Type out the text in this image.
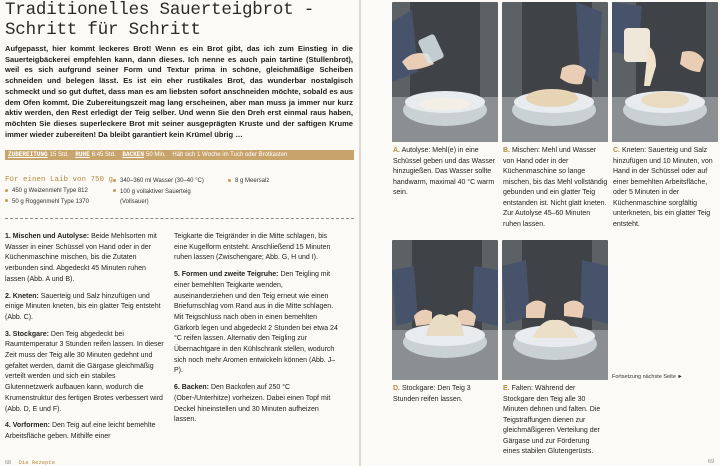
Traditionelles Sauerteigbrot -
Schritt für Schritt
Aufgepasst, hier kommt leckeres Brot! Wenn es ein Brot gibt, das ich zum Einstieg in die Sauerteigbäckerei empfehlen kann, dann dieses. Ich nenne es auch pain tartine (Stullenbrot), weil es sich aufgrund seiner Form und Textur prima in schöne, gleichmäßige Scheiben schneiden und belegen lässt. Es ist ein eher rustikales Brot, das wunderbar nostalgisch schmeckt und so gut duftet, dass man es am liebsten sofort anschneiden möchte, sobald es aus dem Ofen kommt. Die Zubereitungszeit mag lang erscheinen, aber man muss ja immer nur kurz aktiv werden, den Rest erledigt der Teig selber. Und wenn Sie den Dreh erst einmal raus haben, möchten Sie dieses superleckere Brot mit seiner ausgeprägten Kruste und der saftigen Krume immer wieder zubereiten! Da bleibt garantiert kein Krümel übrig …
ZUBEREITUNG 15 Std. RUHE 6:45 Std. BACKEN 50 Min. Hält sich 1 Woche im Tuch oder Brotkasten
Für einen Laib von 750 g
450 g Weizenmehl Type 812
50 g Roggenmehl Type 1370
340–360 ml Wasser (30–40 °C)
100 g vollaktiver Sauerteig
(Vollsauer)
8 g Meersalz

1. Mischen und Autolyse: Beide Mehlsorten mit Wasser in einer Schüssel von Hand oder in der Küchenmaschine mischen, bis die Zutaten verbunden sind. Abgedeckt 45 Minuten ruhen lassen (Abb. A und B).

2. Kneten: Sauerteig und Salz hinzufügen und einige Minuten kneten, bis ein glatter Teig entsteht (Abb. C).

3. Stockgare: Den Teig abgedeckt bei Raumtemperatur 3 Stunden reifen lassen. In dieser Zeit muss der Teig alle 30 Minuten gedehnt und gefaltet werden, damit die Gärgase gleichmäßig verteilt werden und sich ein stabiles Glutennetzwerk aufbauen kann, wodurch die Krumenstruktur des fertigen Brotes verbessert wird (Abb. D, E und F).

4. Vorformen: Den Teig auf eine leicht bemehlte Arbeitsfläche geben. Mithilfe einer

Teigkarte die Teigränder in die Mitte schlagen, bis eine Kugelform entsteht. Anschließend 15 Minuten ruhen lassen (Zwischengare; Abb. G, H und I).

5. Formen und zweite Teigruhe: Den Teigling mit einer bemehlten Teigkarte wenden, auseinanderziehen und den Teig erneut wie einen Briefumschlag vom Rand aus in die Mitte schlagen. Mit Teigschluss nach oben in einen bemehlten Gärkorb legen und abgedeckt 2 Stunden bei etwa 24 °C reifen lassen. Alternativ den Teigling zur Übernachtgare in den Kühlschrank stellen, wodurch sich noch mehr Aromen entwickeln können (Abb. J–P).

6. Backen: Den Backofen auf 250 °C (Ober-/Unterhitze) vorheizen. Dabei einen Topf mit Deckel hineinstellen und 30 Minuten aufheizen lassen.

68 Die Rezepte
A. Autolyse: Mehl(e) in eine Schüssel geben und das Wasser hinzugießen. Das Wasser sollte handwarm, maximal 40 °C warm sein.
B. Mischen: Mehl und Wasser von Hand oder in der Küchenmaschine so lange mischen, bis das Mehl vollständig gebunden und ein glatter Teig entstanden ist. Nicht glatt kneten. Zur Autolyse 45–60 Minuten ruhen lassen.
C. Kneten: Sauerteig und Salz hinzufügen und 10 Minuten, von Hand in der Schüssel oder auf einer bemehlten Arbeitsfläche, oder 5 Minuten in der Küchenmaschine sorgfältig unterkneten, bis ein glatter Teig entsteht.
D. Stockgare: Den Teig 3 Stunden reifen lassen.
E. Falten: Während der Stockgare den Teig alle 30 Minuten dehnen und falten. Die Teigstraffungen dienen zur gleichmäßigeren Verteilung der Gärgase und zur Förderung eines stabilen Glutengerüsts.
Fortsetzung nächste Seite ►
69
